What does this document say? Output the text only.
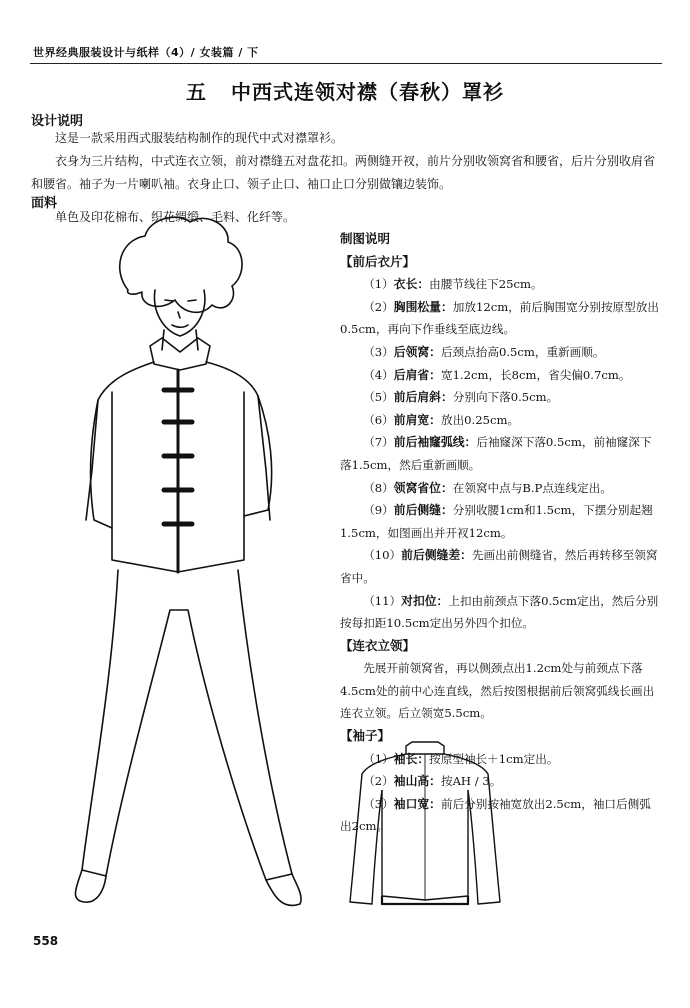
世界经典服装设计与纸样（4）/ 女装篇 / 下
五 中西式连领对襟（春秋）罩衫
设计说明
这是一款采用西式服装结构制作的现代中式对襟罩衫。
衣身为三片结构，中式连衣立领，前对襟缝五对盘花扣。两侧缝开衩，前片分别收领窝省和腰省，后片分别收肩省和腰省。袖子为一片喇叭袖。衣身止口、领子止口、袖口止口分别做镶边装饰。
面料
单色及印花棉布、织花绸缎、毛料、化纤等。
制图说明
【前后衣片】

（1）衣长：由腰节线往下25cm。

（2）胸围松量：加放12cm，前后胸围宽分别按原型放出0.5cm，再向下作垂线至底边线。

（3）后领窝：后颈点抬高0.5cm，重新画顺。

（4）后肩省：宽1.2cm，长8cm，省尖偏0.7cm。

（5）前后肩斜：分别向下落0.5cm。

（6）前肩宽：放出0.25cm。

（7）前后袖窿弧线：后袖窿深下落0.5cm，前袖窿深下落1.5cm，然后重新画顺。

（8）领窝省位：在领窝中点与B.P点连线定出。

（9）前后侧缝：分别收腰1cm和1.5cm，下摆分别起翘1.5cm，如图画出并开衩12cm。

（10）前后侧缝差：先画出前侧缝省，然后再转移至领窝省中。

（11）对扣位：上扣由前颈点下落0.5cm定出，然后分别按每扣距10.5cm定出另外四个扣位。

【连衣立领】

先展开前领窝省，再以侧颈点出1.2cm处与前颈点下落4.5cm处的前中心连直线，然后按图根据前后领窝弧线长画出连衣立领。后立领宽5.5cm。

【袖子】

（1）袖长：按原型袖长＋1cm定出。

（2）袖山高：按AH / 3。

（3）袖口宽：前后分别按袖宽放出2.5cm，袖口后侧弧出2cm。

558
